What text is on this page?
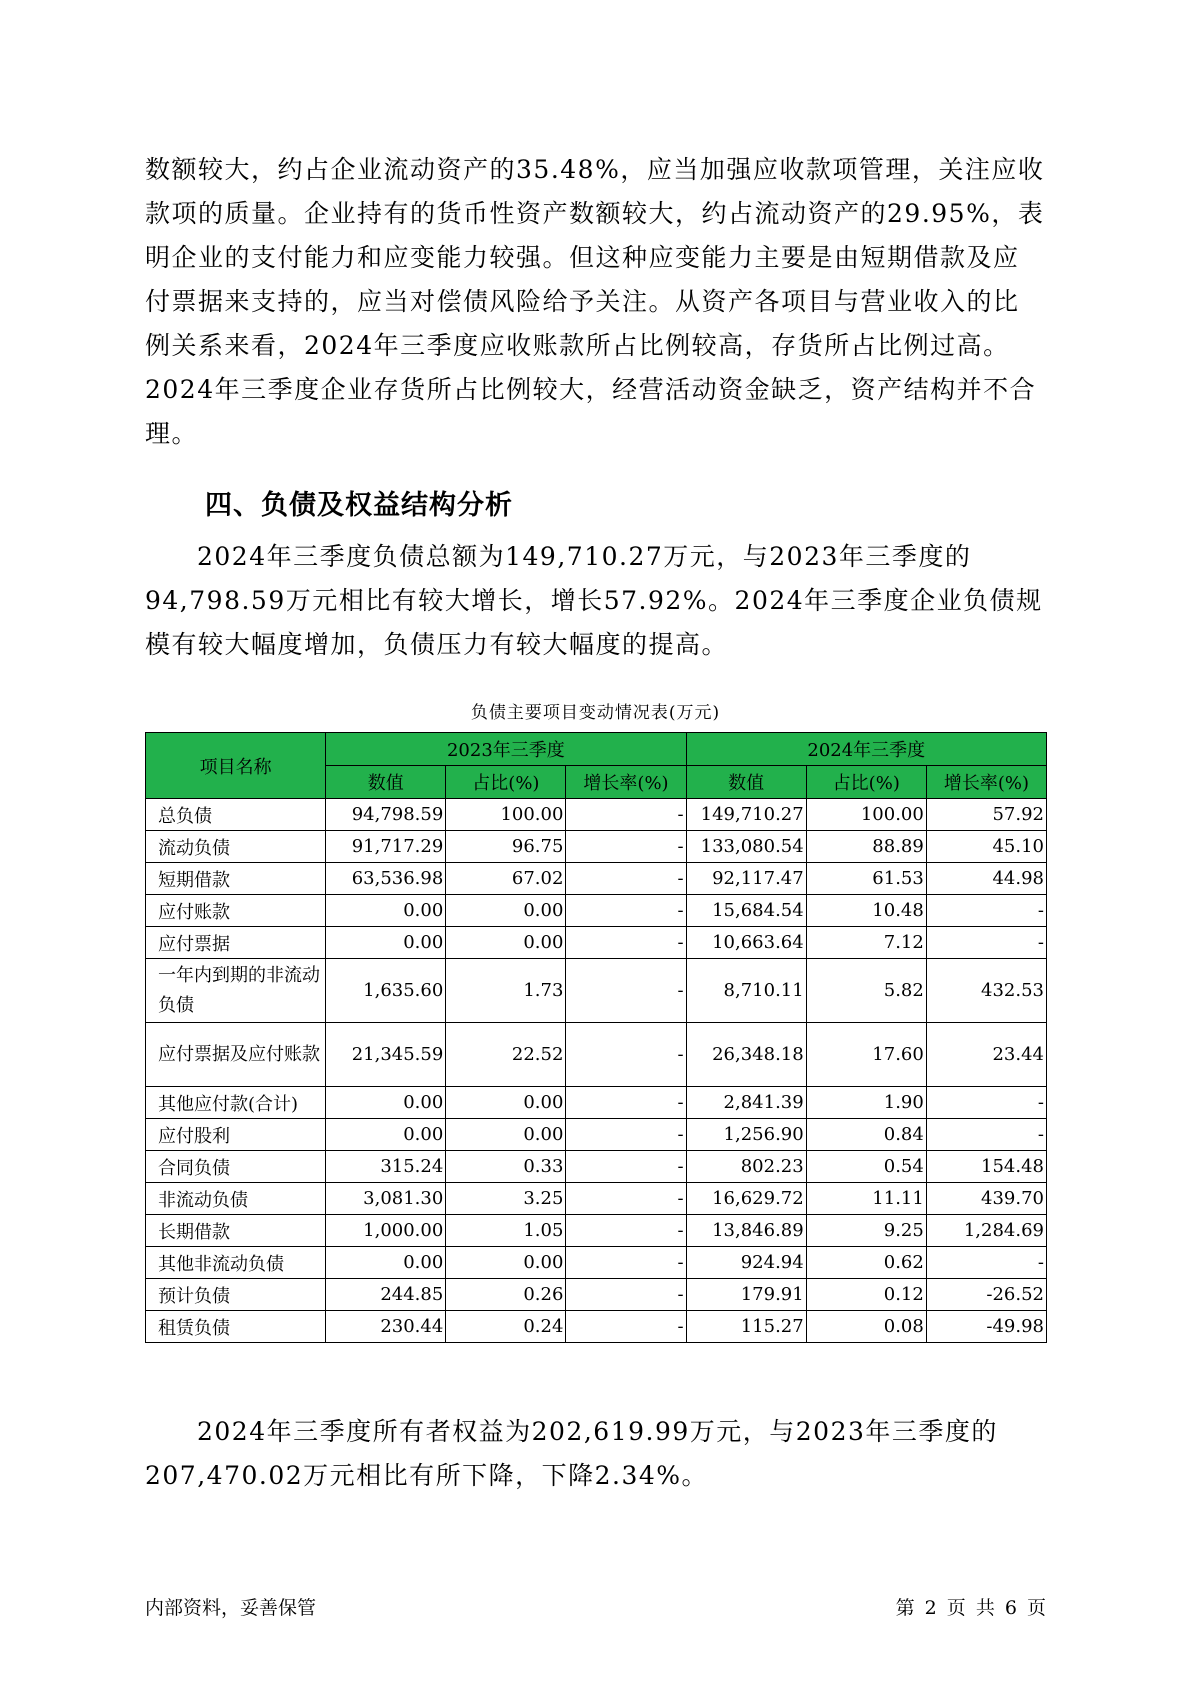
数额较大，约占企业流动资产的35.48%，应当加强应收款项管理，关注应收款项的质量。企业持有的货币性资产数额较大，约占流动资产的29.95%，表明企业的支付能力和应变能力较强。但这种应变能力主要是由短期借款及应付票据来支持的，应当对偿债风险给予关注。从资产各项目与营业收入的比例关系来看，2024年三季度应收账款所占比例较高，存货所占比例过高。2024年三季度企业存货所占比例较大，经营活动资金缺乏，资产结构并不合理。

四、负债及权益结构分析

2024年三季度负债总额为149,710.27万元，与2023年三季度的94,798.59万元相比有较大增长，增长57.92%。2024年三季度企业负债规模有较大幅度增加，负债压力有较大幅度的提高。

负债主要项目变动情况表(万元)
项目名称	2023年三季度			2024年三季度		
	数值	占比(%)	增长率(%)	数值	占比(%)	增长率(%)
总负债	94,798.59	100.00	-	149,710.27	100.00	57.92
流动负债	91,717.29	96.75	-	133,080.54	88.89	45.10
短期借款	63,536.98	67.02	-	92,117.47	61.53	44.98
应付账款	0.00	0.00	-	15,684.54	10.48	-
应付票据	0.00	0.00	-	10,663.64	7.12	-
一年内到期的非流动负债	1,635.60	1.73	-	8,710.11	5.82	432.53
应付票据及应付账款	21,345.59	22.52	-	26,348.18	17.60	23.44
其他应付款(合计)	0.00	0.00	-	2,841.39	1.90	-
应付股利	0.00	0.00	-	1,256.90	0.84	-
合同负债	315.24	0.33	-	802.23	0.54	154.48
非流动负债	3,081.30	3.25	-	16,629.72	11.11	439.70
长期借款	1,000.00	1.05	-	13,846.89	9.25	1,284.69
其他非流动负债	0.00	0.00	-	924.94	0.62	-
预计负债	244.85	0.26	-	179.91	0.12	-26.52
租赁负债	230.44	0.24	-	115.27	0.08	-49.98

2024年三季度所有者权益为202,619.99万元，与2023年三季度的207,470.02万元相比有所下降，下降2.34%。

内部资料，妥善保管	第 2 页 共 6 页
